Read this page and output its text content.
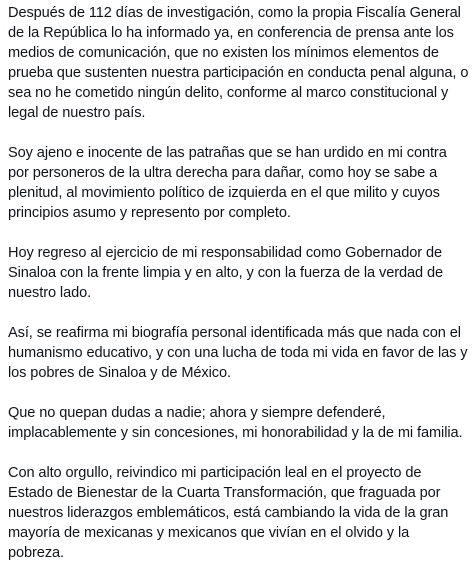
Después de 112 días de investigación, como la propia Fiscalía General de la República lo ha informado ya, en conferencia de prensa ante los medios de comunicación, que no existen los mínimos elementos de prueba que sustenten nuestra participación en conducta penal alguna, o sea no he cometido ningún delito, conforme al marco constitucional y legal de nuestro país.

Soy ajeno e inocente de las patrañas que se han urdido en mi contra por personeros de la ultra derecha para dañar, como hoy se sabe a plenitud, al movimiento político de izquierda en el que milito y cuyos principios asumo y represento por completo.

Hoy regreso al ejercicio de mi responsabilidad como Gobernador de Sinaloa con la frente limpia y en alto, y con la fuerza de la verdad de nuestro lado.

Así, se reafirma mi biografía personal identificada más que nada con el humanismo educativo, y con una lucha de toda mi vida en favor de las y los pobres de Sinaloa y de México.

Que no quepan dudas a nadie; ahora y siempre defenderé, implacablemente y sin concesiones, mi honorabilidad y la de mi familia.

Con alto orgullo, reivindico mi participación leal en el proyecto de Estado de Bienestar de la Cuarta Transformación, que fraguada por nuestros liderazgos emblemáticos, está cambiando la vida de la gran mayoría de mexicanas y mexicanos que vivían en el olvido y la pobreza.
